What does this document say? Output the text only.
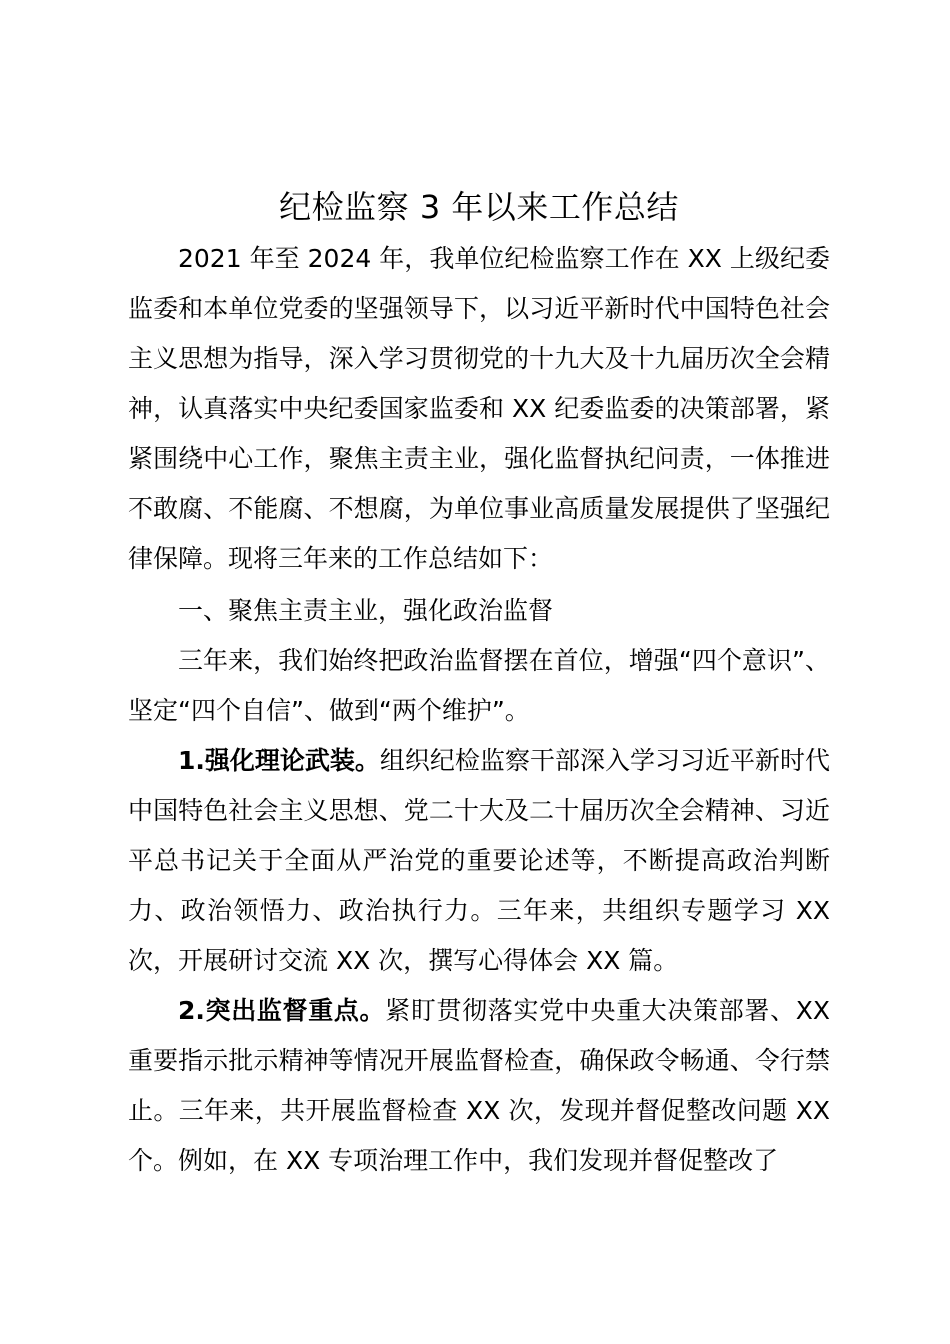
纪检监察 3 年以来工作总结

2021 年至 2024 年，我单位纪检监察工作在 XX 上级纪委监委和本单位党委的坚强领导下，以习近平新时代中国特色社会主义思想为指导，深入学习贯彻党的十九大及十九届历次全会精神，认真落实中央纪委国家监委和 XX 纪委监委的决策部署，紧紧围绕中心工作，聚焦主责主业，强化监督执纪问责，一体推进不敢腐、不能腐、不想腐，为单位事业高质量发展提供了坚强纪律保障。现将三年来的工作总结如下：

一、聚焦主责主业，强化政治监督

三年来，我们始终把政治监督摆在首位，增强“四个意识”、坚定“四个自信”、做到“两个维护”。

1.强化理论武装。组织纪检监察干部深入学习习近平新时代中国特色社会主义思想、党二十大及二十届历次全会精神、习近平总书记关于全面从严治党的重要论述等，不断提高政治判断力、政治领悟力、政治执行力。三年来，共组织专题学习 XX 次，开展研讨交流 XX 次，撰写心得体会 XX 篇。

2.突出监督重点。紧盯贯彻落实党中央重大决策部署、XX 重要指示批示精神等情况开展监督检查，确保政令畅通、令行禁止。三年来，共开展监督检查 XX 次，发现并督促整改问题 XX 个。例如，在 XX 专项治理工作中，我们发现并督促整改了
